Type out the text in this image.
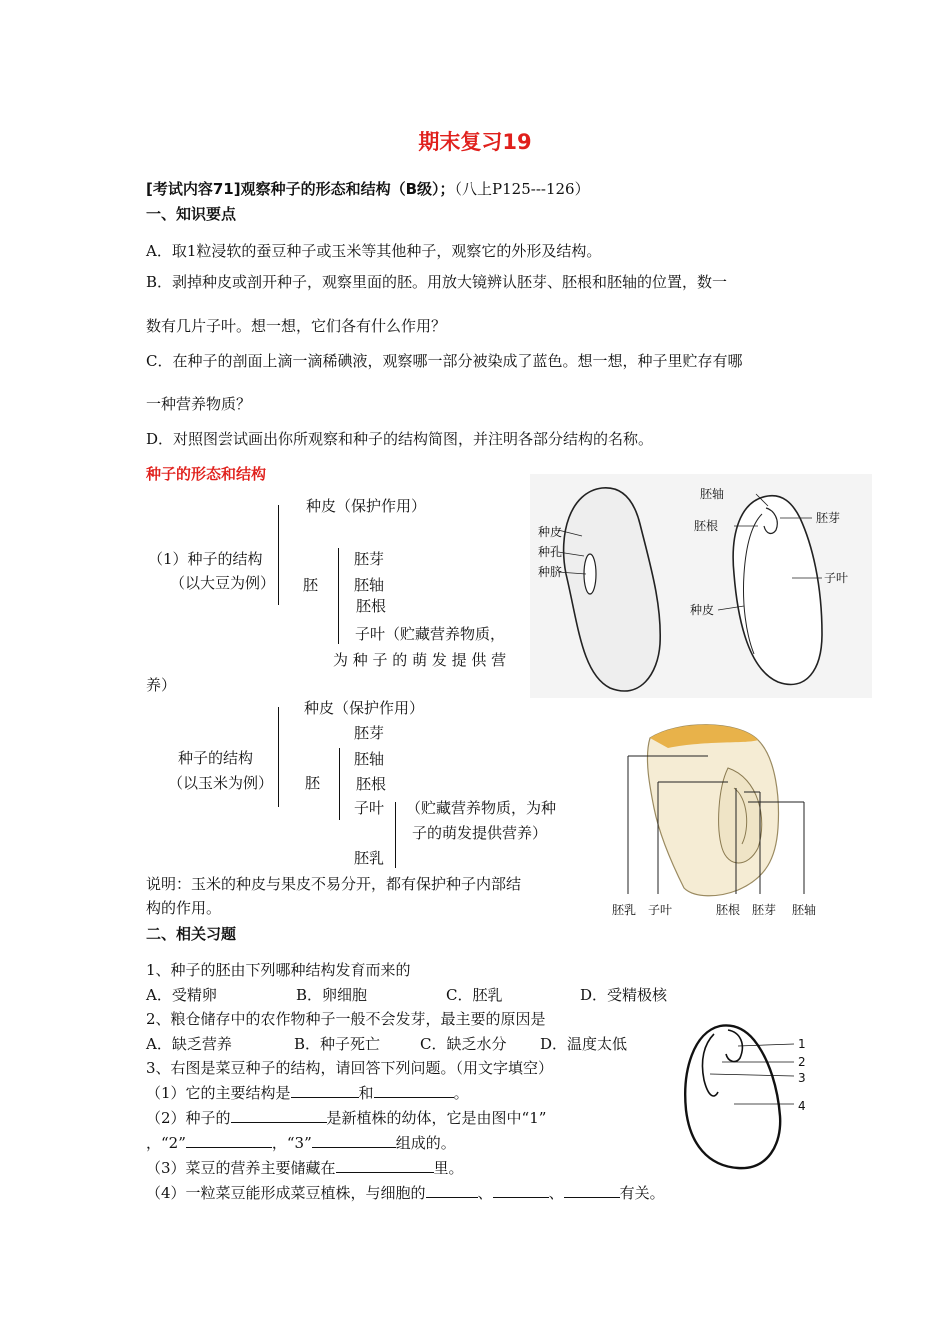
期末复习19
[考试内容71]观察种子的形态和结构（B级）；（八上P125---126）
一、知识要点
A．取1粒浸软的蚕豆种子或玉米等其他种子，观察它的外形及结构。
B．剥掉种皮或剖开种子，观察里面的胚。用放大镜辨认胚芽、胚根和胚轴的位置，数一
数有几片子叶。想一想，它们各有什么作用？
C．在种子的剖面上滴一滴稀碘液，观察哪一部分被染成了蓝色。想一想，种子里贮存有哪
一种营养物质？
D．对照图尝试画出你所观察和种子的结构简图，并注明各部分结构的名称。
种子的形态和结构
种皮（保护作用）
（1）种子的结构
（以大豆为例） 胚
胚芽
胚轴
胚根
子叶（贮藏营养物质，
为 种 子 的 萌 发 提 供 营
养）
种皮
种孔
种脐
胚轴
胚根
胚芽
子叶
种皮
种皮（保护作用）
种子的结构
（以玉米为例）
胚芽
胚
胚轴
胚根
子叶 （贮藏营养物质，为种
子的萌发提供营养）
胚乳
说明：玉米的种皮与果皮不易分开，都有保护种子内部结
构的作用。	胚乳 子叶	胚根 胚芽 胚轴
二、相关习题
1、种子的胚由下列哪种结构发育而来的
A．受精卵	B．卵细胞	C．胚乳	D．受精极核
2、粮仓储存中的农作物种子一般不会发芽，最主要的原因是
A．缺乏营养	B．种子死亡	C．缺乏水分 D．温度太低
3、右图是菜豆种子的结构，请回答下列问题。（用文字填空）
（1）它的主要结构是	和	。
（2）种子的	是新植株的幼体，它是由图中“1”
，“2”	，“3”	组成的。
（3）菜豆的营养主要储藏在	里。
（4）一粒菜豆能形成菜豆植株，与细胞的	、	、	有关。
1
2
3
4
